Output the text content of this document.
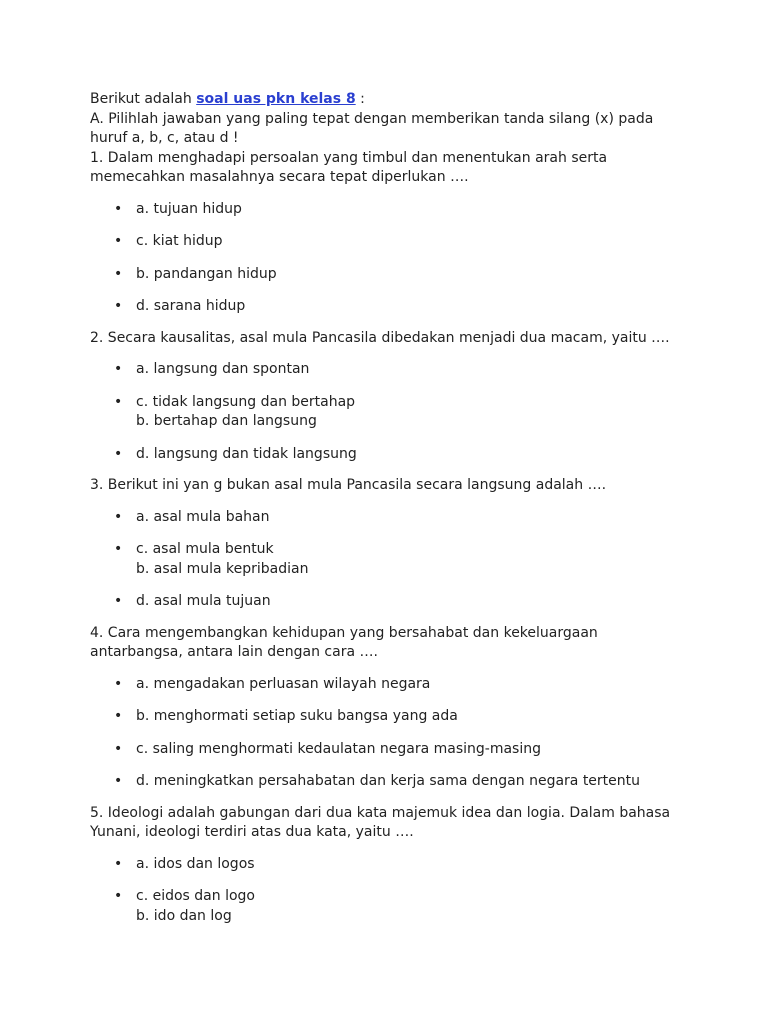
Berikut adalah soal uas pkn kelas 8 :

A. Pilihlah jawaban yang paling tepat dengan memberikan tanda silang (x) pada

huruf a, b, c, atau d !

1. Dalam menghadapi persoalan yang timbul dan menentukan arah serta

memecahkan masalahnya secara tepat diperlukan ….

• a. tujuan hidup
• c. kiat hidup
• b. pandangan hidup
• d. sarana hidup

2. Secara kausalitas, asal mula Pancasila dibedakan menjadi dua macam, yaitu ….

• a. langsung dan spontan
• c. tidak langsung dan bertahap
b. bertahap dan langsung
• d. langsung dan tidak langsung

3. Berikut ini yan g bukan asal mula Pancasila secara langsung adalah ….

• a. asal mula bahan
• c. asal mula bentuk
b. asal mula kepribadian
• d. asal mula tujuan

4. Cara mengembangkan kehidupan yang bersahabat dan kekeluargaan

antarbangsa, antara lain dengan cara ….

• a. mengadakan perluasan wilayah negara
• b. menghormati setiap suku bangsa yang ada
• c. saling menghormati kedaulatan negara masing-masing
• d. meningkatkan persahabatan dan kerja sama dengan negara tertentu

5. Ideologi adalah gabungan dari dua kata majemuk idea dan logia. Dalam bahasa

Yunani, ideologi terdiri atas dua kata, yaitu ….

• a. idos dan logos
• c. eidos dan logo
b. ido dan log
